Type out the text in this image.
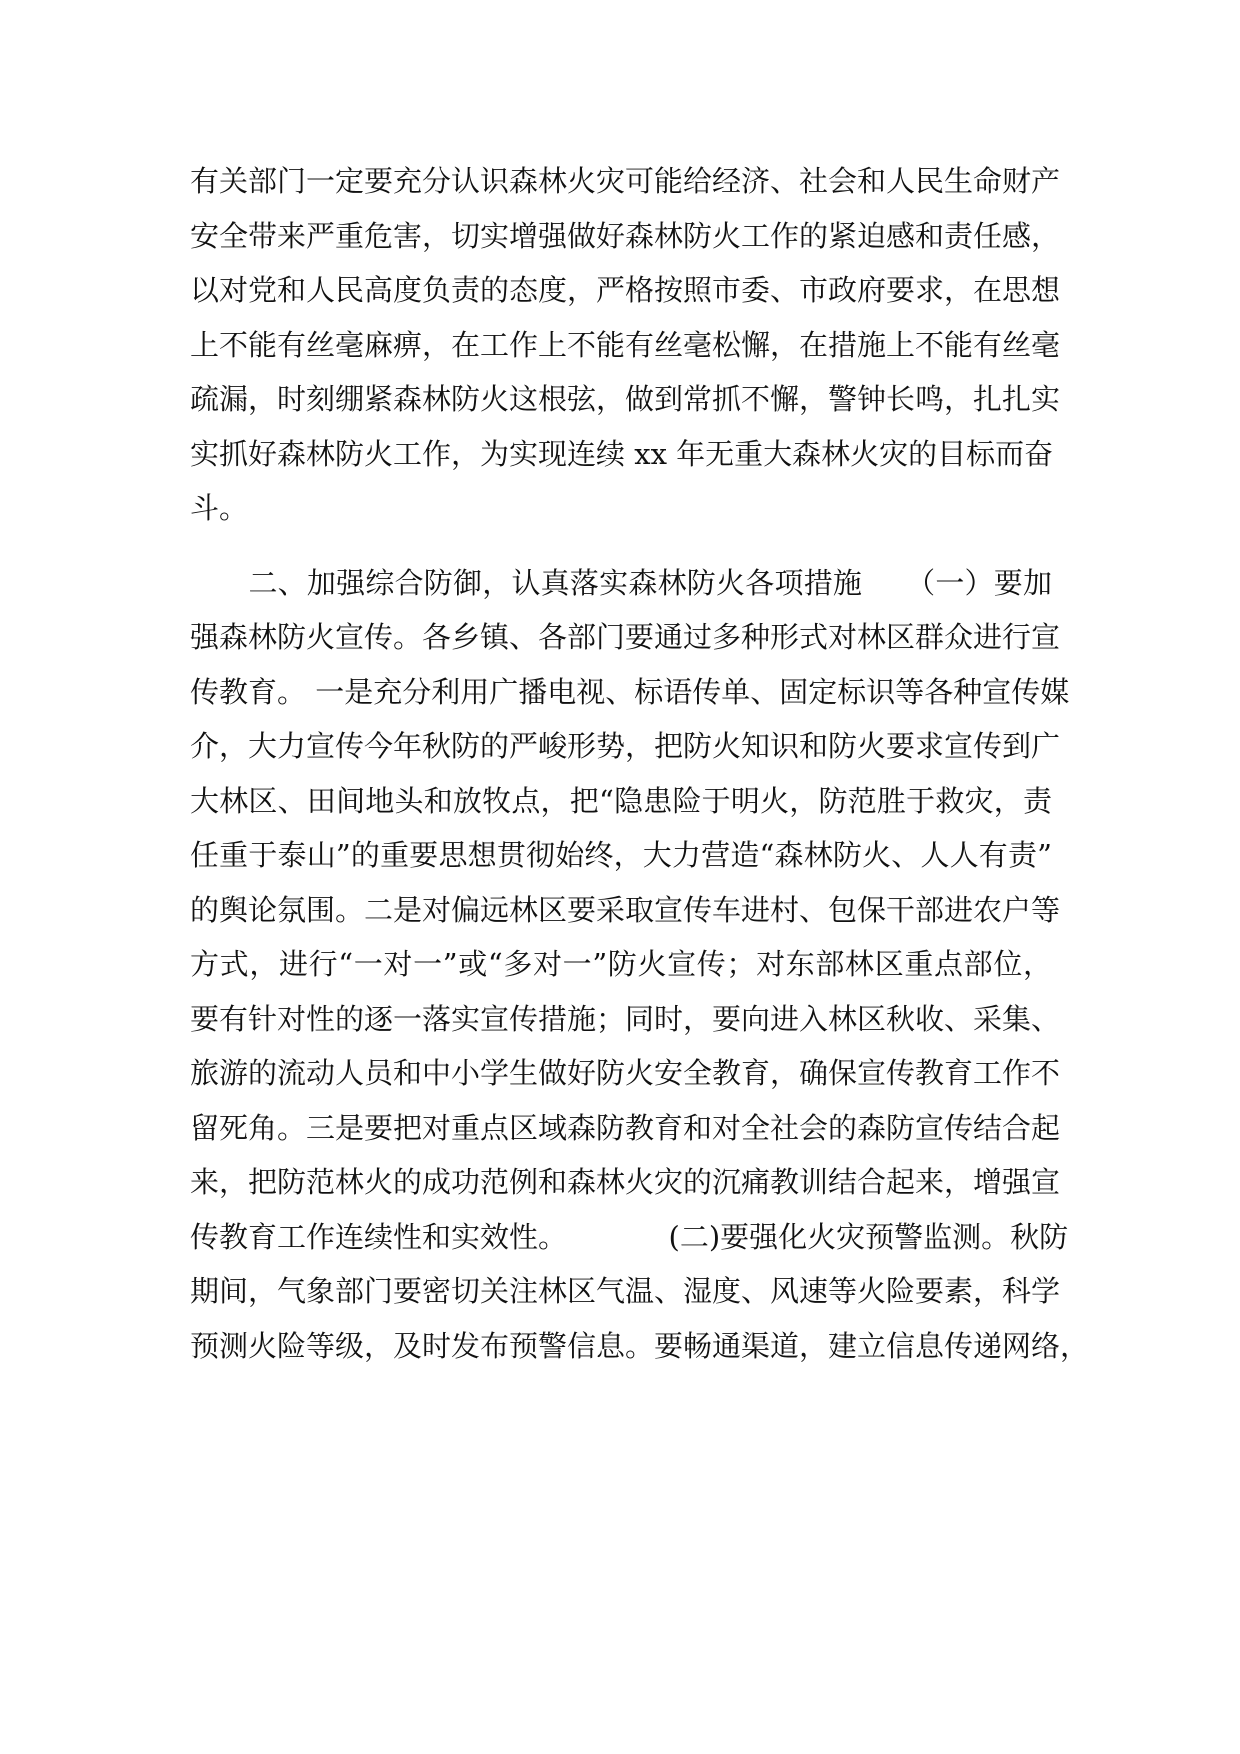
有关部门一定要充分认识森林火灾可能给经济、社会和人民生命财产
安全带来严重危害，切实增强做好森林防火工作的紧迫感和责任感，
以对党和人民高度负责的态度，严格按照市委、市政府要求，在思想
上不能有丝毫麻痹，在工作上不能有丝毫松懈，在措施上不能有丝毫
疏漏，时刻绷紧森林防火这根弦，做到常抓不懈，警钟长鸣，扎扎实
实抓好森林防火工作，为实现连续 xx 年无重大森林火灾的目标而奋
斗。
　　二、加强综合防御，认真落实森林防火各项措施　　（一）要加
强森林防火宣传。各乡镇、各部门要通过多种形式对林区群众进行宣
传教育。 一是充分利用广播电视、标语传单、固定标识等各种宣传媒
介，大力宣传今年秋防的严峻形势，把防火知识和防火要求宣传到广
大林区、田间地头和放牧点，把“隐患险于明火，防范胜于救灾，责
任重于泰山”的重要思想贯彻始终，大力营造“森林防火、人人有责”
的舆论氛围。二是对偏远林区要采取宣传车进村、包保干部进农户等
方式，进行“一对一”或“多对一”防火宣传；对东部林区重点部位，
要有针对性的逐一落实宣传措施；同时，要向进入林区秋收、采集、
旅游的流动人员和中小学生做好防火安全教育，确保宣传教育工作不
留死角。三是要把对重点区域森防教育和对全社会的森防宣传结合起
来，把防范林火的成功范例和森林火灾的沉痛教训结合起来，增强宣
传教育工作连续性和实效性。　　　　(二)要强化火灾预警监测。秋防
期间，气象部门要密切关注林区气温、湿度、风速等火险要素，科学
预测火险等级，及时发布预警信息。要畅通渠道，建立信息传递网络，
